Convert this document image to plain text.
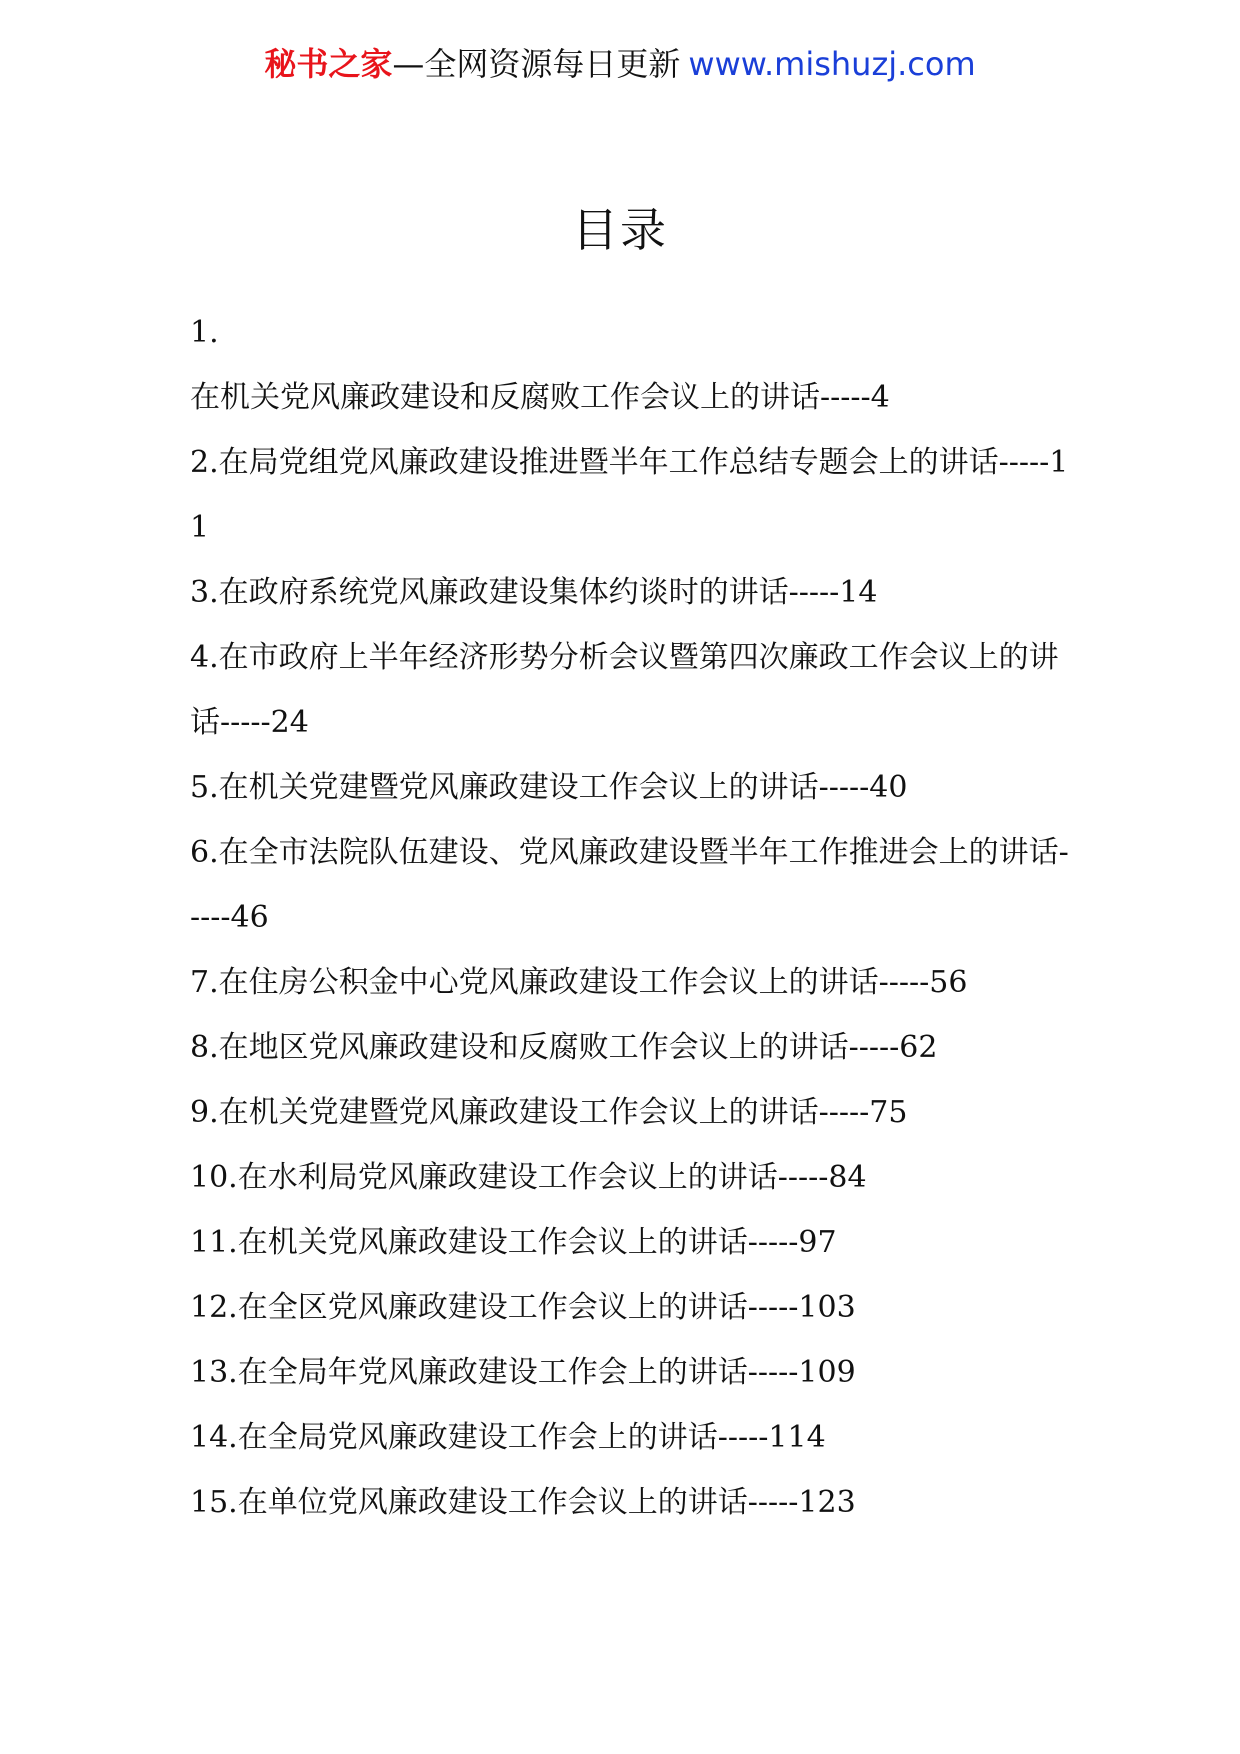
秘书之家—全网资源每日更新 www.mishuzj.com
目录
1.
在机关党风廉政建设和反腐败工作会议上的讲话-----4
2.在局党组党风廉政建设推进暨半年工作总结专题会上的讲话-----11
3.在政府系统党风廉政建设集体约谈时的讲话-----14
4.在市政府上半年经济形势分析会议暨第四次廉政工作会议上的讲话-----24
5.在机关党建暨党风廉政建设工作会议上的讲话-----40
6.在全市法院队伍建设、党风廉政建设暨半年工作推进会上的讲话-----46
7.在住房公积金中心党风廉政建设工作会议上的讲话-----56
8.在地区党风廉政建设和反腐败工作会议上的讲话-----62
9.在机关党建暨党风廉政建设工作会议上的讲话-----75
10.在水利局党风廉政建设工作会议上的讲话-----84
11.在机关党风廉政建设工作会议上的讲话-----97
12.在全区党风廉政建设工作会议上的讲话-----103
13.在全局年党风廉政建设工作会上的讲话-----109
14.在全局党风廉政建设工作会上的讲话-----114
15.在单位党风廉政建设工作会议上的讲话-----123
